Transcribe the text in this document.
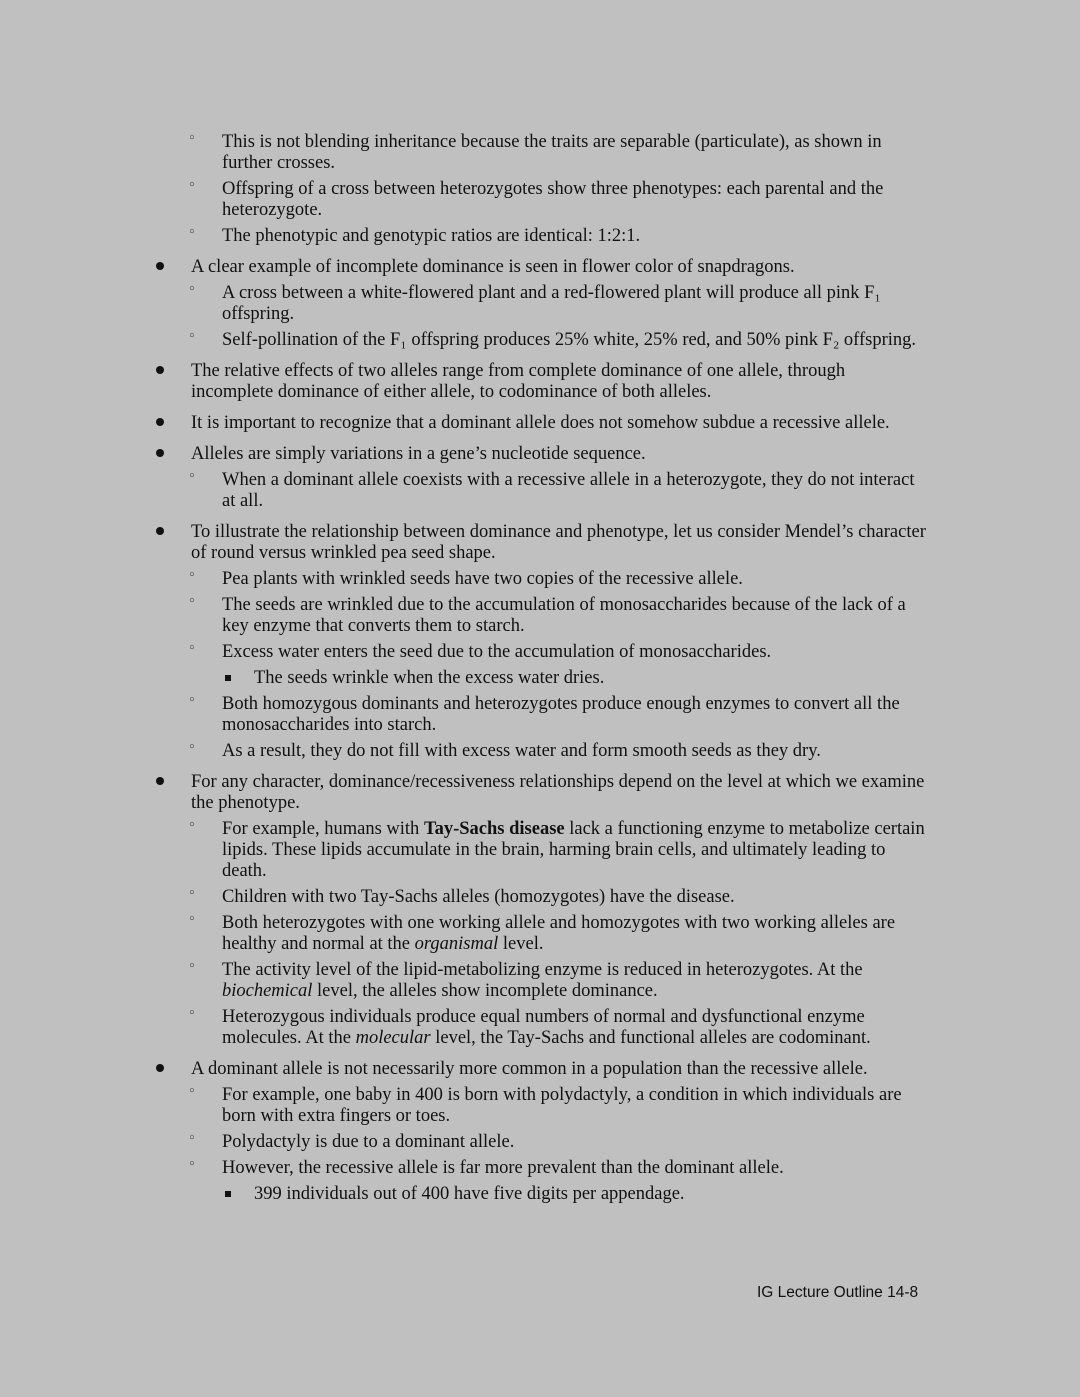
◦ This is not blending inheritance because the traits are separable (particulate), as shown in further crosses.
◦ Offspring of a cross between heterozygotes show three phenotypes: each parental and the heterozygote.
◦ The phenotypic and genotypic ratios are identical: 1:2:1.
A clear example of incomplete dominance is seen in flower color of snapdragons.
◦ A cross between a white-flowered plant and a red-flowered plant will produce all pink F₁ offspring.
◦ Self-pollination of the F₁ offspring produces 25% white, 25% red, and 50% pink F₂ offspring.
The relative effects of two alleles range from complete dominance of one allele, through incomplete dominance of either allele, to codominance of both alleles.
It is important to recognize that a dominant allele does not somehow subdue a recessive allele.
Alleles are simply variations in a gene’s nucleotide sequence.
◦ When a dominant allele coexists with a recessive allele in a heterozygote, they do not interact at all.
To illustrate the relationship between dominance and phenotype, let us consider Mendel’s character of round versus wrinkled pea seed shape.
◦ Pea plants with wrinkled seeds have two copies of the recessive allele.
◦ The seeds are wrinkled due to the accumulation of monosaccharides because of the lack of a key enzyme that converts them to starch.
◦ Excess water enters the seed due to the accumulation of monosaccharides.
The seeds wrinkle when the excess water dries.
◦ Both homozygous dominants and heterozygotes produce enough enzymes to convert all the monosaccharides into starch.
◦ As a result, they do not fill with excess water and form smooth seeds as they dry.
For any character, dominance/recessiveness relationships depend on the level at which we examine the phenotype.
◦ For example, humans with Tay-Sachs disease lack a functioning enzyme to metabolize certain lipids. These lipids accumulate in the brain, harming brain cells, and ultimately leading to death.
◦ Children with two Tay-Sachs alleles (homozygotes) have the disease.
◦ Both heterozygotes with one working allele and homozygotes with two working alleles are healthy and normal at the organismal level.
◦ The activity level of the lipid-metabolizing enzyme is reduced in heterozygotes. At the biochemical level, the alleles show incomplete dominance.
◦ Heterozygous individuals produce equal numbers of normal and dysfunctional enzyme molecules. At the molecular level, the Tay-Sachs and functional alleles are codominant.
A dominant allele is not necessarily more common in a population than the recessive allele.
◦ For example, one baby in 400 is born with polydactyly, a condition in which individuals are born with extra fingers or toes.
◦ Polydactyly is due to a dominant allele.
◦ However, the recessive allele is far more prevalent than the dominant allele.
399 individuals out of 400 have five digits per appendage.
IG Lecture Outline 14-8
